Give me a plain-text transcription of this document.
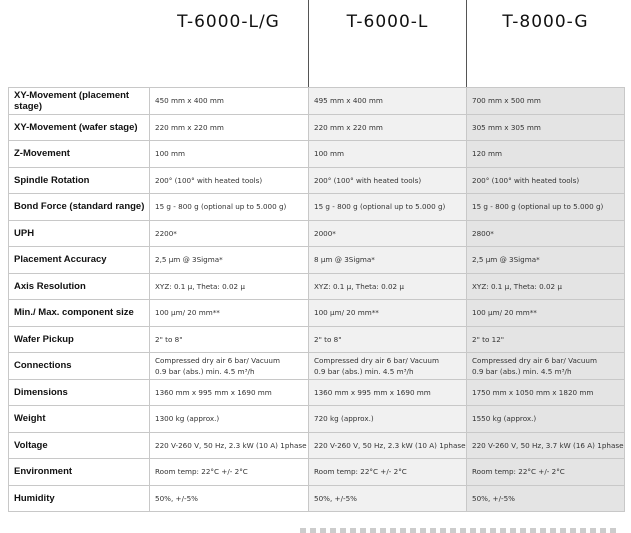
T-6000-L/G	T-6000-L	T-8000-G
XY-Movement (placement stage)	450 mm x 400 mm	495 mm x 400 mm	700 mm x 500 mm

XY-Movement (wafer stage)	220 mm x 220 mm	220 mm x 220 mm	305 mm x 305 mm

Z-Movement	100 mm	100 mm	120 mm

Spindle Rotation	200° (100° with heated tools)	200° (100° with heated tools)	200° (100° with heated tools)

Bond Force (standard range)	15 g - 800 g (optional up to 5.000 g)	15 g - 800 g (optional up to 5.000 g)	15 g - 800 g (optional up to 5.000 g)

UPH	2200*	2000*	2800*

Placement Accuracy	2,5 µm @ 3Sigma*	8 µm @ 3Sigma*	2,5 µm @ 3Sigma*

Axis Resolution	XYZ: 0.1 µ, Theta: 0.02 µ	XYZ: 0.1 µ, Theta: 0.02 µ	XYZ: 0.1 µ, Theta: 0.02 µ

Min./ Max. component size	100 µm/ 20 mm**	100 µm/ 20 mm**	100 µm/ 20 mm**

Wafer Pickup	2" to 8"	2" to 8"	2" to 12"

Connections	Compressed dry air 6 bar/ Vacuum
0.9 bar (abs.) min. 4.5 m³/h	Compressed dry air 6 bar/ Vacuum
0.9 bar (abs.) min. 4.5 m³/h	Compressed dry air 6 bar/ Vacuum
0.9 bar (abs.) min. 4.5 m³/h

Dimensions	1360 mm x 995 mm x 1690 mm	1360 mm x 995 mm x 1690 mm	1750 mm x 1050 mm x 1820 mm

Weight	1300 kg (approx.)	720 kg (approx.)	1550 kg (approx.)

Voltage	220 V-260 V, 50 Hz, 2.3 kW (10 A) 1phase	220 V-260 V, 50 Hz, 2.3 kW (10 A) 1phase	220 V-260 V, 50 Hz, 3.7 kW (16 A) 1phase

Environment	Room temp: 22°C +/- 2°C	Room temp: 22°C +/- 2°C	Room temp: 22°C +/- 2°C

Humidity	50%, +/-5%	50%, +/-5%	50%, +/-5%
